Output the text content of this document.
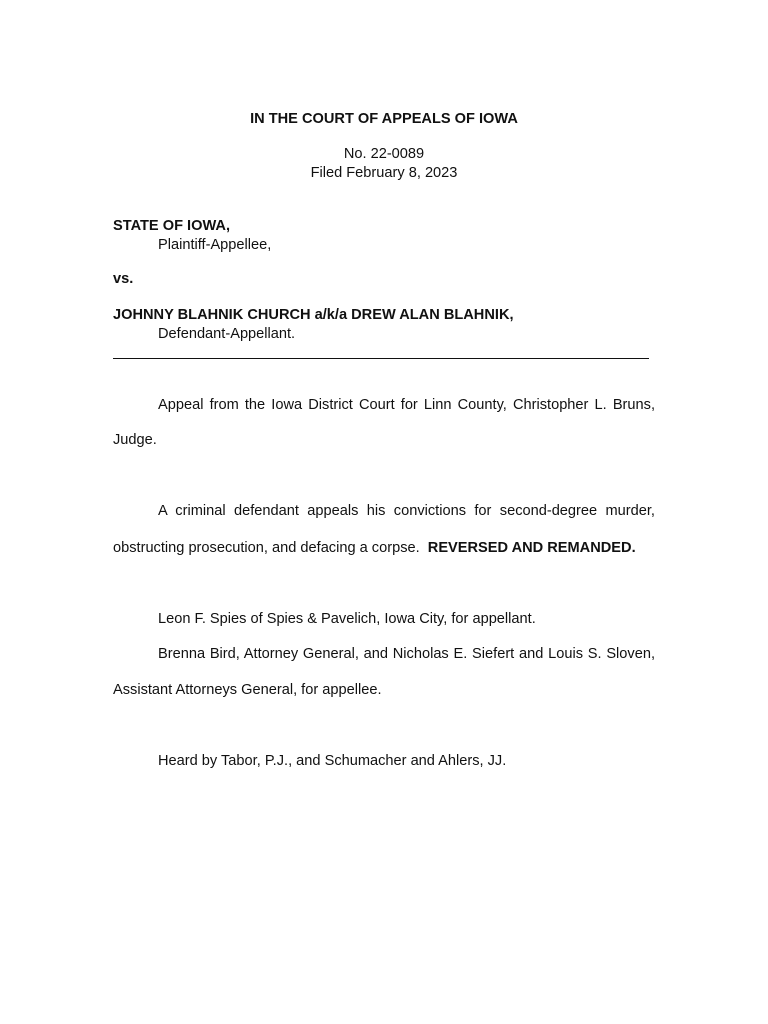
IN THE COURT OF APPEALS OF IOWA
No. 22-0089
Filed February 8, 2023
STATE OF IOWA,
Plaintiff-Appellee,
vs.
JOHNNY BLAHNIK CHURCH a/k/a DREW ALAN BLAHNIK,
Defendant-Appellant.
Appeal from the Iowa District Court for Linn County, Christopher L. Bruns,
Judge.
A criminal defendant appeals his convictions for second-degree murder,
obstructing prosecution, and defacing a corpse. REVERSED AND REMANDED.
Leon F. Spies of Spies & Pavelich, Iowa City, for appellant.
Brenna Bird, Attorney General, and Nicholas E. Siefert and Louis S. Sloven,
Assistant Attorneys General, for appellee.
Heard by Tabor, P.J., and Schumacher and Ahlers, JJ.
